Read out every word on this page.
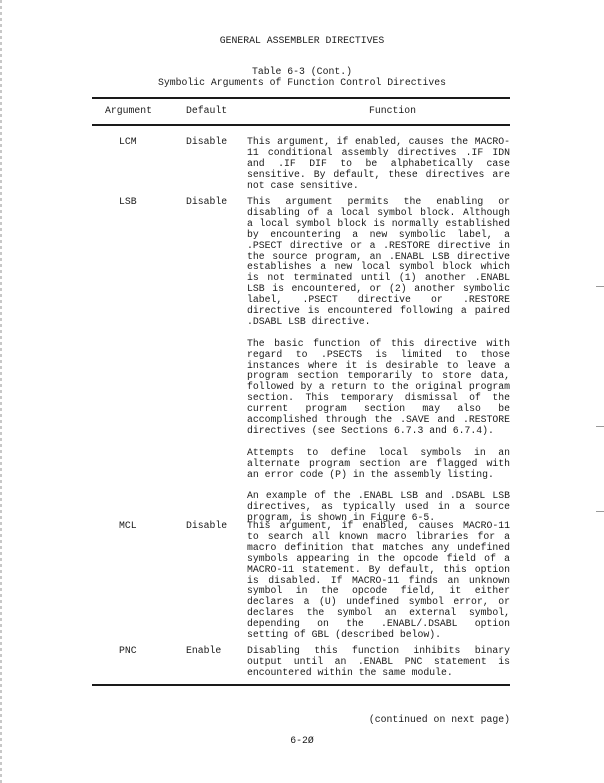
GENERAL ASSEMBLER DIRECTIVES
Table 6-3 (Cont.)
Symbolic Arguments of Function Control Directives
Argument	Default	Function
LCM	Disable This argument, if enabled, causes the MACRO-11 conditional assembly directives .IF IDN and .IF DIF to be alphabetically case sensitive. By default, these directives are not case sensitive.

LSB	Disable This argument permits the enabling or disabling of a local symbol block. Although a local symbol block is normally established by encountering a new symbolic label, a .PSECT directive or a .RESTORE directive in the source program, an .ENABL LSB directive establishes a new local symbol block which is not terminated until (1) another .ENABL LSB is encountered, or (2) another symbolic label, .PSECT directive or .RESTORE directive is encountered following a paired .DSABL LSB directive.

The basic function of this directive with regard to .PSECTS is limited to those instances where it is desirable to leave a program section temporarily to store data, followed by a return to the original program section. This temporary dismissal of the current program section may also be accomplished through the .SAVE and .RESTORE directives (see Sections 6.7.3 and 6.7.4).

Attempts to define local symbols in an alternate program section are flagged with an error code (P) in the assembly listing.

An example of the .ENABL LSB and .DSABL LSB directives, as typically used in a source program, is shown in Figure 6-5.

MCL	Disable This argument, if enabled, causes MACRO-11 to search all known macro libraries for a macro definition that matches any undefined symbols appearing in the opcode field of a MACRO-11 statement. By default, this option is disabled. If MACRO-11 finds an unknown symbol in the opcode field, it either declares a (U) undefined symbol error, or declares the symbol an external symbol, depending on the .ENABL/.DSABL option setting of GBL (described below).

PNC	Enable	Disabling this function inhibits binary output until an .ENABL PNC statement is encountered within the same module.

(continued on next page)
6-2Ø
